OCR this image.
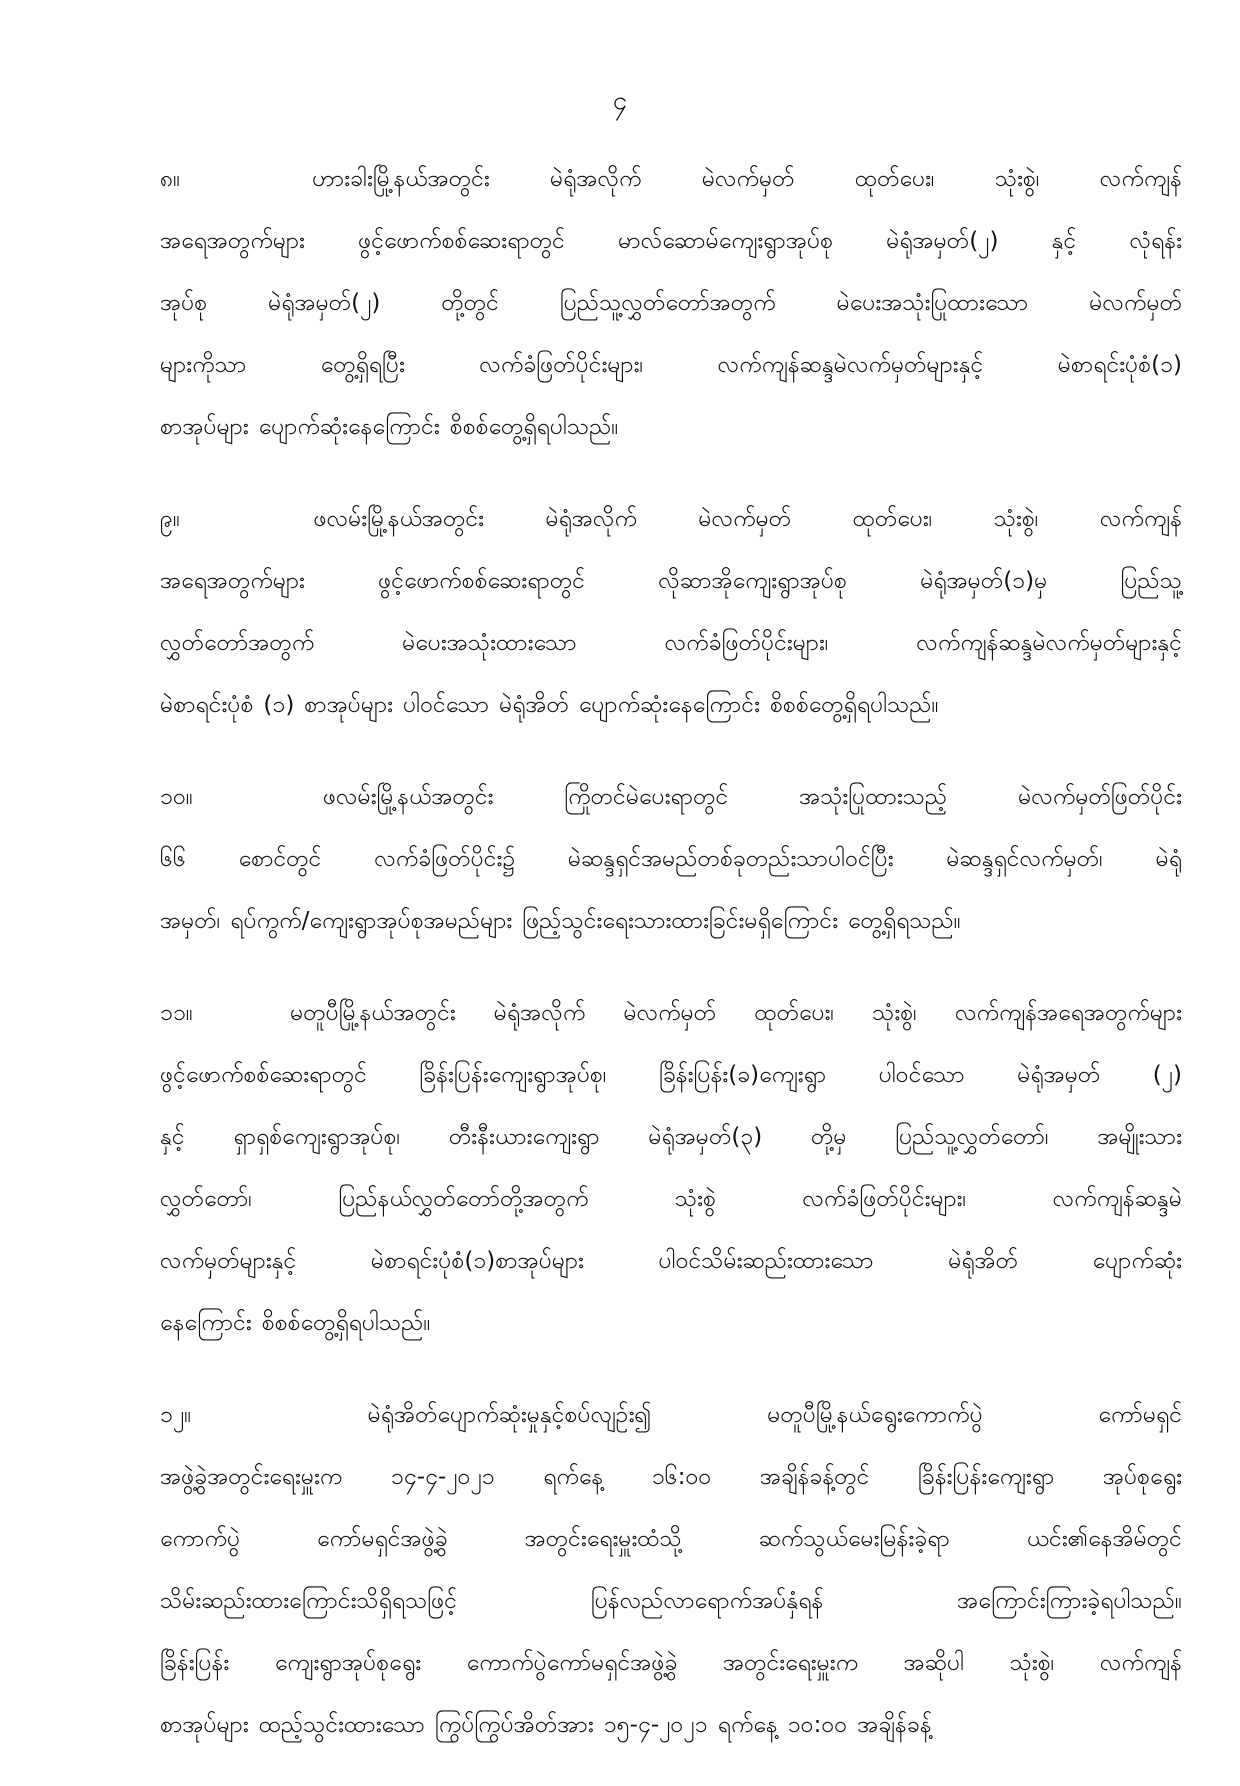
၄
၈။	ဟားခါးမြို့နယ်အတွင်း	မဲရုံအလိုက်	မဲလက်မှတ်	ထုတ်ပေး၊	သုံးစွဲ၊	လက်ကျန်
အရေအတွက်များ ဖွင့်ဖောက်စစ်ဆေးရာတွင် မာလ်ဆောမ်ကျေးရွာအုပ်စု မဲရုံအမှတ်(၂) နှင့် လုံရန်း
အုပ်စု	မဲရုံအမှတ်(၂)	တို့တွင်	ပြည်သူ့လွှတ်တော်အတွက်	မဲပေးအသုံးပြုထားသော	မဲလက်မှတ်
များကိုသာ	တွေ့ရှိရပြီး	လက်ခံဖြတ်ပိုင်းများ၊	လက်ကျန်ဆန္ဒမဲလက်မှတ်များနှင့်	မဲစာရင်းပုံစံ(၁)
စာအုပ်များ ပျောက်ဆုံးနေကြောင်း စိစစ်တွေ့ရှိရပါသည်။
၉။	ဖလမ်းမြို့နယ်အတွင်း	မဲရုံအလိုက်	မဲလက်မှတ်	ထုတ်ပေး၊	သုံးစွဲ၊	လက်ကျန်
အရေအတွက်များ	ဖွင့်ဖောက်စစ်ဆေးရာတွင်	လိုဆာအိုကျေးရွာအုပ်စု	မဲရုံအမှတ်(၁)မှ	ပြည်သူ့
လွှတ်တော်အတွက်	မဲပေးအသုံးထားသော	လက်ခံဖြတ်ပိုင်းများ၊	လက်ကျန်ဆန္ဒမဲလက်မှတ်များနှင့်
မဲစာရင်းပုံစံ (၁) စာအုပ်များ ပါဝင်သော မဲရုံအိတ် ပျောက်ဆုံးနေကြောင်း စိစစ်တွေ့ရှိရပါသည်။
၁၀။	ဖလမ်းမြို့နယ်အတွင်း	ကြိုတင်မဲပေးရာတွင်	အသုံးပြုထားသည့်	မဲလက်မှတ်ဖြတ်ပိုင်း
၆၆ စောင်တွင် လက်ခံဖြတ်ပိုင်း၌ မဲဆန္ဒရှင်အမည်တစ်ခုတည်းသာပါဝင်ပြီး မဲဆန္ဒရှင်လက်မှတ်၊ မဲရုံ
အမှတ်၊ ရပ်ကွက်/ကျေးရွာအုပ်စုအမည်များ ဖြည့်သွင်းရေးသားထားခြင်းမရှိကြောင်း တွေ့ရှိရသည်။
၁၁။	မတူပီမြို့နယ်အတွင်း မဲရုံအလိုက် မဲလက်မှတ် ထုတ်ပေး၊ သုံးစွဲ၊ လက်ကျန်အရေအတွက်များ
ဖွင့်ဖောက်စစ်ဆေးရာတွင် ခြိန်းပြန်းကျေးရွာအုပ်စု၊ ခြိန်းပြန်း(ခ)ကျေးရွာ ပါဝင်သော မဲရုံအမှတ် (၂)
နှင့် ရှာရှစ်ကျေးရွာအုပ်စု၊ တီးနီးယားကျေးရွာ မဲရုံအမှတ်(၃) တို့မှ ပြည်သူ့လွှတ်တော်၊ အမျိုးသား
လွှတ်တော်၊	ပြည်နယ်လွှတ်တော်တို့အတွက်	သုံးစွဲ	လက်ခံဖြတ်ပိုင်းများ၊	လက်ကျန်ဆန္ဒမဲ
လက်မှတ်များနှင့်	မဲစာရင်းပုံစံ(၁)စာအုပ်များ	ပါဝင်သိမ်းဆည်းထားသော	မဲရုံအိတ်	ပျောက်ဆုံး
နေကြောင်း စိစစ်တွေ့ရှိရပါသည်။
၁၂။	မဲရုံအိတ်ပျောက်ဆုံးမှုနှင့်စပ်လျဉ်း၍	မတူပီမြို့နယ်ရွေးကောက်ပွဲ	ကော်မရှင်
အဖွဲ့ခွဲအတွင်းရေးမှူးက ၁၄-၄-၂၀၂၁ ရက်နေ့ ၁၆:၀၀ အချိန်ခန့်တွင် ခြိန်းပြန်းကျေးရွာ အုပ်စုရွေး
ကောက်ပွဲ	ကော်မရှင်အဖွဲ့ခွဲ	အတွင်းရေးမှူးထံသို့	ဆက်သွယ်မေးမြန်းခဲ့ရာ	ယင်း၏နေအိမ်တွင်
သိမ်းဆည်းထားကြောင်းသိရှိရသဖြင့်	ပြန်လည်လာရောက်အပ်နှံရန်	အကြောင်းကြားခဲ့ရပါသည်။
ခြိန်းပြန်း ကျေးရွာအုပ်စုရွေး ကောက်ပွဲကော်မရှင်အဖွဲ့ခွဲ အတွင်းရေးမှူးက အဆိုပါ သုံးစွဲ၊ လက်ကျန်
စာအုပ်များ ထည့်သွင်းထားသော ကြွပ်ကြွပ်အိတ်အား ၁၅-၄-၂၀၂၁ ရက်နေ့ ၁၀:၀၀ အချိန်ခန့်
